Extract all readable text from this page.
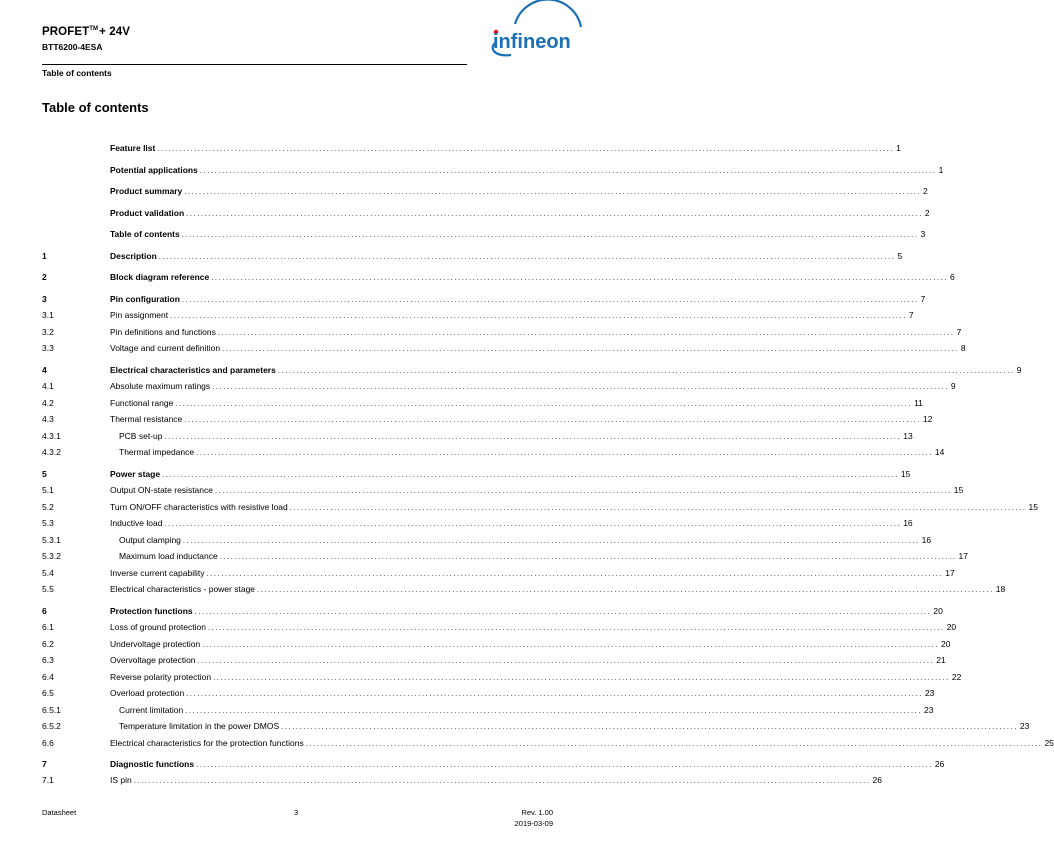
PROFET™+ 24V
BTT6200-4ESA	infineon
Table of contents
Table of contents
Feature list ........................................................................................................................................................................................................ 1
Potential applications ........................................................................................................................................................................................................ 1
Product summary ........................................................................................................................................................................................................ 2
Product validation ........................................................................................................................................................................................................ 2
Table of contents ........................................................................................................................................................................................................ 3
1	Description ........................................................................................................................................................................................................ 5
2	Block diagram reference ........................................................................................................................................................................................................ 6
3	Pin configuration ........................................................................................................................................................................................................ 7
3.1	Pin assignment ........................................................................................................................................................................................................ 7
3.2	Pin definitions and functions ........................................................................................................................................................................................................ 7
3.3	Voltage and current definition ........................................................................................................................................................................................................ 8
4	Electrical characteristics and parameters ........................................................................................................................................................................................................ 9
4.1	Absolute maximum ratings ........................................................................................................................................................................................................ 9
4.2	Functional range ........................................................................................................................................................................................................ 11
4.3	Thermal resistance ........................................................................................................................................................................................................ 12
4.3.1	PCB set-up ........................................................................................................................................................................................................ 13
4.3.2	Thermal impedance ........................................................................................................................................................................................................ 14
5	Power stage ........................................................................................................................................................................................................ 15
5.1	Output ON-state resistance ........................................................................................................................................................................................................ 15
5.2	Turn ON/OFF characteristics with resistive load ........................................................................................................................................................................................................ 15
5.3	Inductive load ........................................................................................................................................................................................................ 16
5.3.1	Output clamping ........................................................................................................................................................................................................ 16
5.3.2	Maximum load inductance ........................................................................................................................................................................................................ 17
5.4	Inverse current capability ........................................................................................................................................................................................................ 17
5.5	Electrical characteristics - power stage ........................................................................................................................................................................................................ 18
6	Protection functions ........................................................................................................................................................................................................ 20
6.1	Loss of ground protection ........................................................................................................................................................................................................ 20
6.2	Undervoltage protection ........................................................................................................................................................................................................ 20
6.3	Overvoltage protection ........................................................................................................................................................................................................ 21
6.4	Reverse polarity protection ........................................................................................................................................................................................................ 22
6.5	Overload protection ........................................................................................................................................................................................................ 23
6.5.1	Current limitation ........................................................................................................................................................................................................ 23
6.5.2	Temperature limitation in the power DMOS ........................................................................................................................................................................................................ 23
6.6	Electrical characteristics for the protection functions ........................................................................................................................................................................................................ 25
7	Diagnostic functions ........................................................................................................................................................................................................ 26
7.1	IS pin ........................................................................................................................................................................................................ 26
Datasheet	3	Rev. 1.00
2019-03-09
